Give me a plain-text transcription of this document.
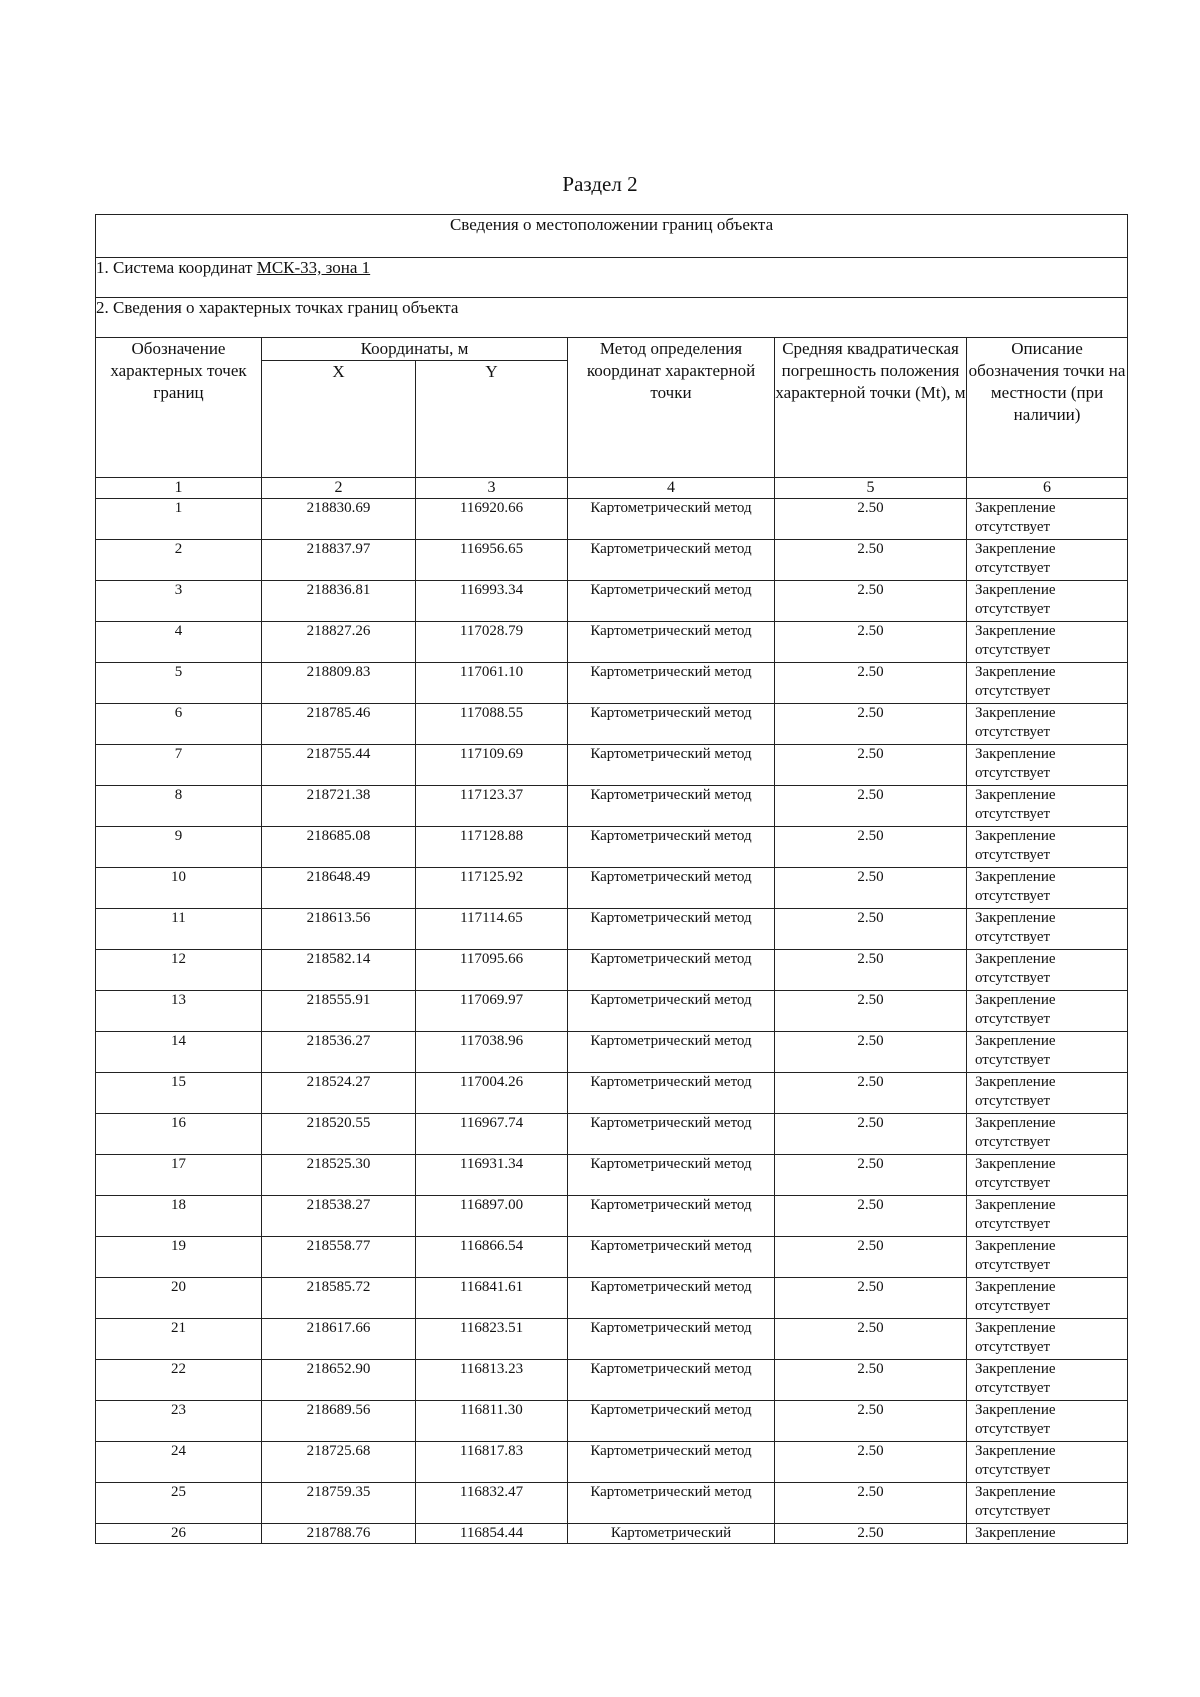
Раздел 2
Сведения о местоположении границ объекта					
1. Система координат МСК-33, зона 1					
2. Сведения о характерных точках границ объекта					
Обозначение характерных точек границ	Координаты, м		Метод определения координат характерной точки	Средняя квадратическая погрешность положения характерной точки (Mt), м	Описание обозначения точки на местности (при наличии)
	X	Y			
1	2	3	4	5	6
1	218830.69	116920.66	Картометрический метод	2.50	Закрепление отсутствует
2	218837.97	116956.65	Картометрический метод	2.50	Закрепление отсутствует
3	218836.81	116993.34	Картометрический метод	2.50	Закрепление отсутствует
4	218827.26	117028.79	Картометрический метод	2.50	Закрепление отсутствует
5	218809.83	117061.10	Картометрический метод	2.50	Закрепление отсутствует
6	218785.46	117088.55	Картометрический метод	2.50	Закрепление отсутствует
7	218755.44	117109.69	Картометрический метод	2.50	Закрепление отсутствует
8	218721.38	117123.37	Картометрический метод	2.50	Закрепление отсутствует
9	218685.08	117128.88	Картометрический метод	2.50	Закрепление отсутствует
10	218648.49	117125.92	Картометрический метод	2.50	Закрепление отсутствует
11	218613.56	117114.65	Картометрический метод	2.50	Закрепление отсутствует
12	218582.14	117095.66	Картометрический метод	2.50	Закрепление отсутствует
13	218555.91	117069.97	Картометрический метод	2.50	Закрепление отсутствует
14	218536.27	117038.96	Картометрический метод	2.50	Закрепление отсутствует
15	218524.27	117004.26	Картометрический метод	2.50	Закрепление отсутствует
16	218520.55	116967.74	Картометрический метод	2.50	Закрепление отсутствует
17	218525.30	116931.34	Картометрический метод	2.50	Закрепление отсутствует
18	218538.27	116897.00	Картометрический метод	2.50	Закрепление отсутствует
19	218558.77	116866.54	Картометрический метод	2.50	Закрепление отсутствует
20	218585.72	116841.61	Картометрический метод	2.50	Закрепление отсутствует
21	218617.66	116823.51	Картометрический метод	2.50	Закрепление отсутствует
22	218652.90	116813.23	Картометрический метод	2.50	Закрепление отсутствует
23	218689.56	116811.30	Картометрический метод	2.50	Закрепление отсутствует
24	218725.68	116817.83	Картометрический метод	2.50	Закрепление отсутствует
25	218759.35	116832.47	Картометрический метод	2.50	Закрепление отсутствует
26	218788.76	116854.44	Картометрический	2.50	Закрепление
